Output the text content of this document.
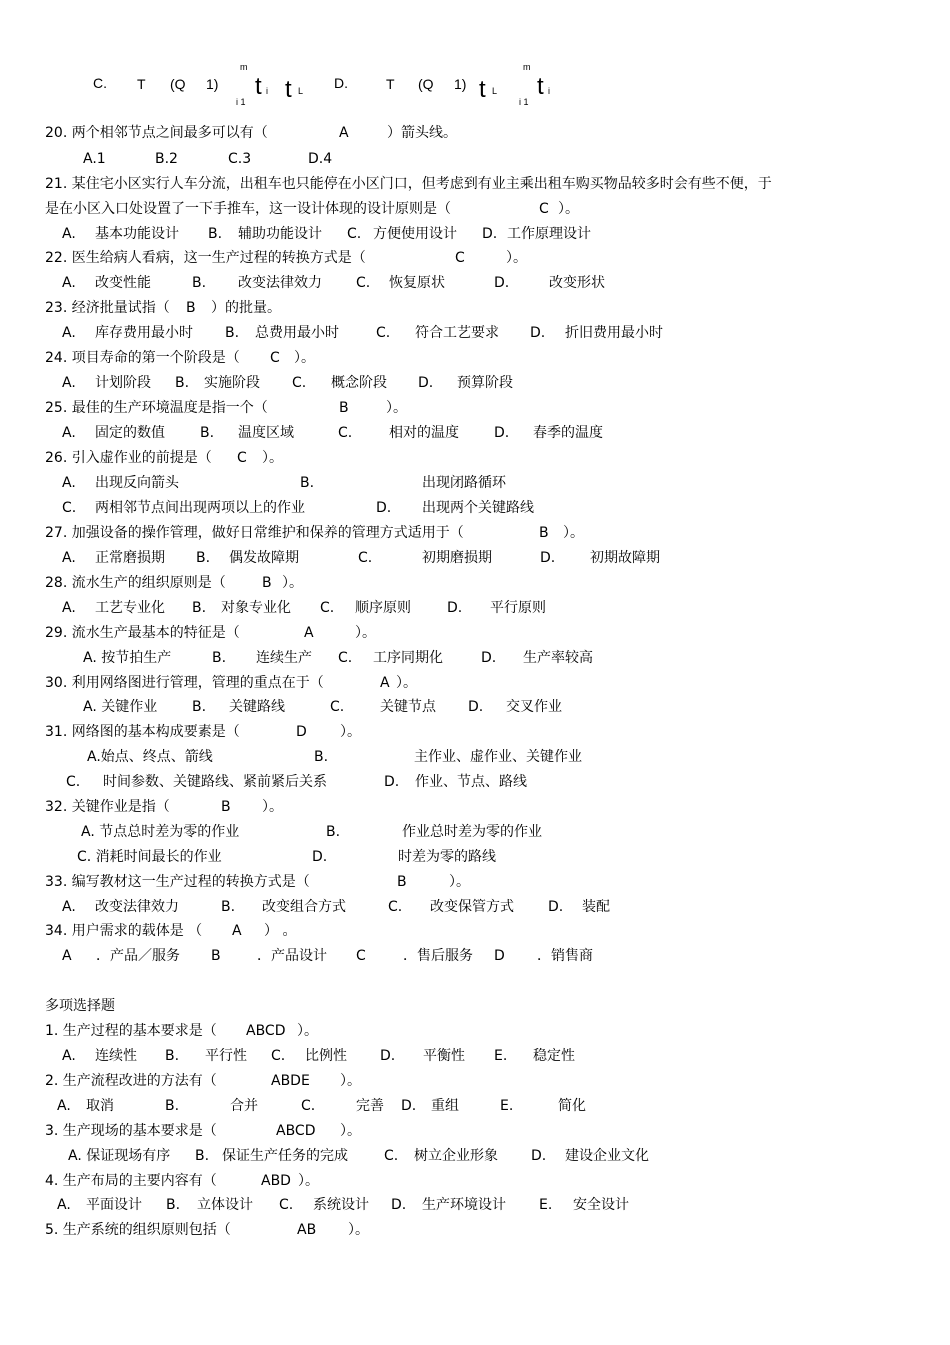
C. T (Q 1)
m
i 1
t i t L D.	T (Q 1) t L
m
i 1
t i
20. 两个相邻节点之间最多可以有（	A	）箭头线。
A.1	B.2	C.3	D.4
21. 某住宅小区实行人车分流，出租车也只能停在小区门口，但考虑到有业主乘出租车购买物品较多时会有些不便，于
是在小区入口处设置了一下手推车，这一设计体现的设计原则是（	C ）。
A. 基本功能设计 B. 辅助功能设计 C. 方便使用设计 D. 工作原理设计
22. 医生给病人看病，这一生产过程的转换方式是（	C	）。
A. 改变性能	B. 改变法律效力 C. 恢复原状	D.	改变形状
23. 经济批量试指（ B ）的批量。
A. 库存费用最小时 B. 总费用最小时	C. 符合工艺要求 D. 折旧费用最小时
24. 项目寿命的第一个阶段是（ C ）。
A. 计划阶段 B. 实施阶段 C. 概念阶段 D. 预算阶段
25. 最佳的生产环境温度是指一个（	B	）。
A. 固定的数值	B. 温度区域	C.	相对的温度	D. 春季的温度
26. 引入虚作业的前提是（ C ）。
A. 出现反向箭头	B.	出现闭路循环
C. 两相邻节点间出现两项以上的作业	D. 出现两个关键路线
27. 加强设备的操作管理，做好日常维护和保养的管理方式适用于（	B ）。
A. 正常磨损期 B. 偶发故障期	C.	初期磨损期	D. 初期故障期
28. 流水生产的组织原则是（	B ）。
A. 工艺专业化 B. 对象专业化 C. 顺序原则	D. 平行原则
29. 流水生产最基本的特征是（	A	）。
A. 按节拍生产	B. 连续生产 C. 工序同期化	D. 生产率较高
30. 利用网络图进行管理，管理的重点在于（	A ）。
A. 关键作业 B. 关键路线	C.	关键节点 D. 交叉作业
31. 网络图的基本构成要素是（	D ）。
A.始点、终点、箭线	B.	主作业、虚作业、关键作业
C. 时间参数、关键路线、紧前紧后关系	D. 作业、节点、路线
32. 关键作业是指（	B ）。
A. 节点总时差为零的作业	B.	作业总时差为零的作业
C. 消耗时间最长的作业	D.	时差为零的路线
33. 编写教材这一生产过程的转换方式是（	B	）。
A. 改变法律效力	B. 改变组合方式	C. 改变保管方式 D. 装配
34. 用户需求的载体是 （ A ） 。
A ．产品／服务 B	．产品设计 C	．售后服务 D ．销售商
多项选择题
1. 生产过程的基本要求是（ ABCD ）。
A. 连续性 B. 平行性 C. 比例性 D. 平衡性 E. 稳定性
2. 生产流程改进的方法有（	ABDE ）。
A. 取消	B.	合并	C.	完善 D. 重组	E.	简化
3. 生产现场的基本要求是（	ABCD ）。
A. 保证现场有序 B. 保证生产任务的完成	C. 树立企业形象 D. 建设企业文化
4. 生产布局的主要内容有（	ABD ）。
A. 平面设计 B. 立体设计 C. 系统设计 D. 生产环境设计 E. 安全设计
5. 生产系统的组织原则包括（	AB ）。
